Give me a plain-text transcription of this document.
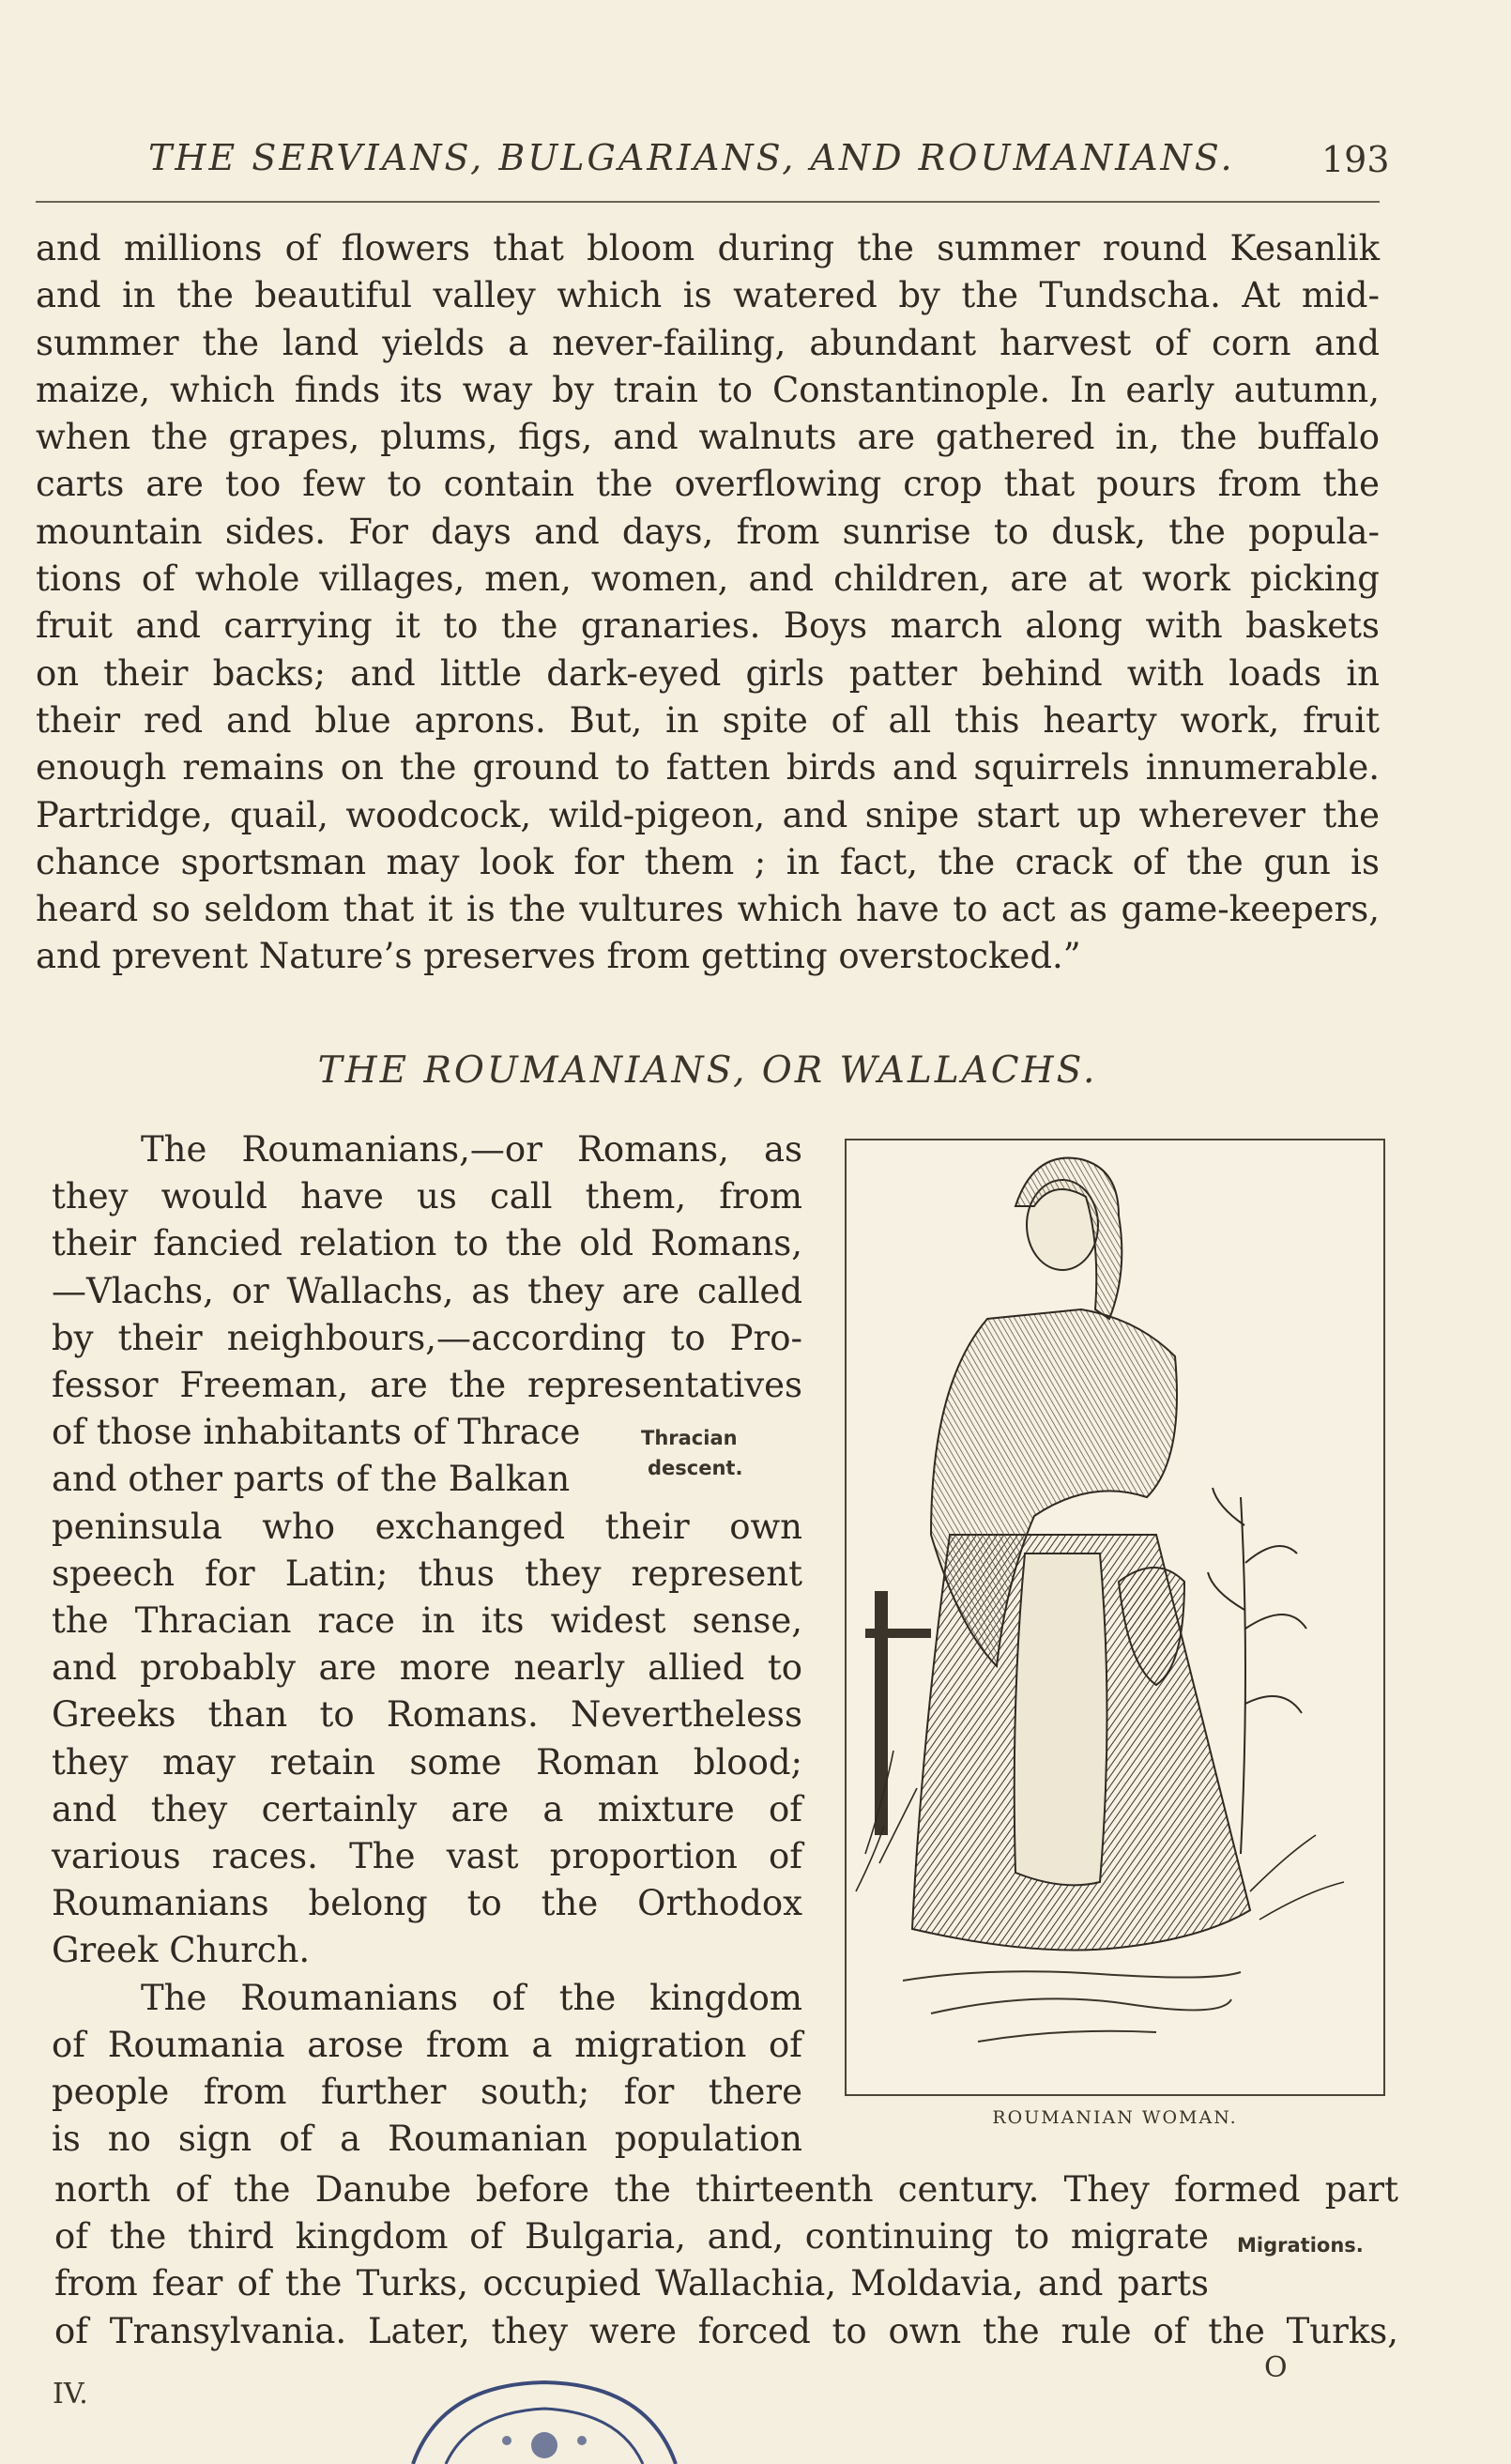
THE SERVIANS, BULGARIANS, AND ROUMANIANS.	193
and millions of flowers that bloom during the summer round Kesanlik
and in the beautiful valley which is watered by the Tundscha. At mid-
summer the land yields a never-failing, abundant harvest of corn and
maize, which finds its way by train to Constantinople. In early autumn,
when the grapes, plums, figs, and walnuts are gathered in, the buffalo
carts are too few to contain the overflowing crop that pours from the
mountain sides. For days and days, from sunrise to dusk, the popula-
tions of whole villages, men, women, and children, are at work picking
fruit and carrying it to the granaries. Boys march along with baskets
on their backs; and little dark-eyed girls patter behind with loads in
their red and blue aprons. But, in spite of all this hearty work, fruit
enough remains on the ground to fatten birds and squirrels innumerable.
Partridge, quail, woodcock, wild-pigeon, and snipe start up wherever the
chance sportsman may look for them ; in fact, the crack of the gun is
heard so seldom that it is the vultures which have to act as game-keepers,
and prevent Nature’s preserves from getting overstocked.”
THE ROUMANIANS, OR WALLACHS.
The Roumanians,—or Romans, as
they would have us call them, from
their fancied relation to the old Romans,
—Vlachs, or Wallachs, as they are called
by their neighbours,—according to Pro-
fessor Freeman, are the representatives
of those inhabitants of Thrace
and other parts of the Balkan
peninsula who exchanged their own
speech for Latin; thus they represent
the Thracian race in its widest sense,
and probably are more nearly allied to
Greeks than to Romans. Nevertheless
they may retain some Roman blood;
and they certainly are a mixture of
various races. The vast proportion of
Roumanians belong to the Orthodox
Greek Church.
The Roumanians of the kingdom
of Roumania arose from a migration of
people from further south; for there
is no sign of a Roumanian population
Thracian
descent.
ROUMANIAN WOMAN.
north of the Danube before the thirteenth century. They formed part
of the third kingdom of Bulgaria, and, continuing to migrate
from fear of the Turks, occupied Wallachia, Moldavia, and parts
of Transylvania. Later, they were forced to own the rule of the Turks,
Migrations.
IV.
O
